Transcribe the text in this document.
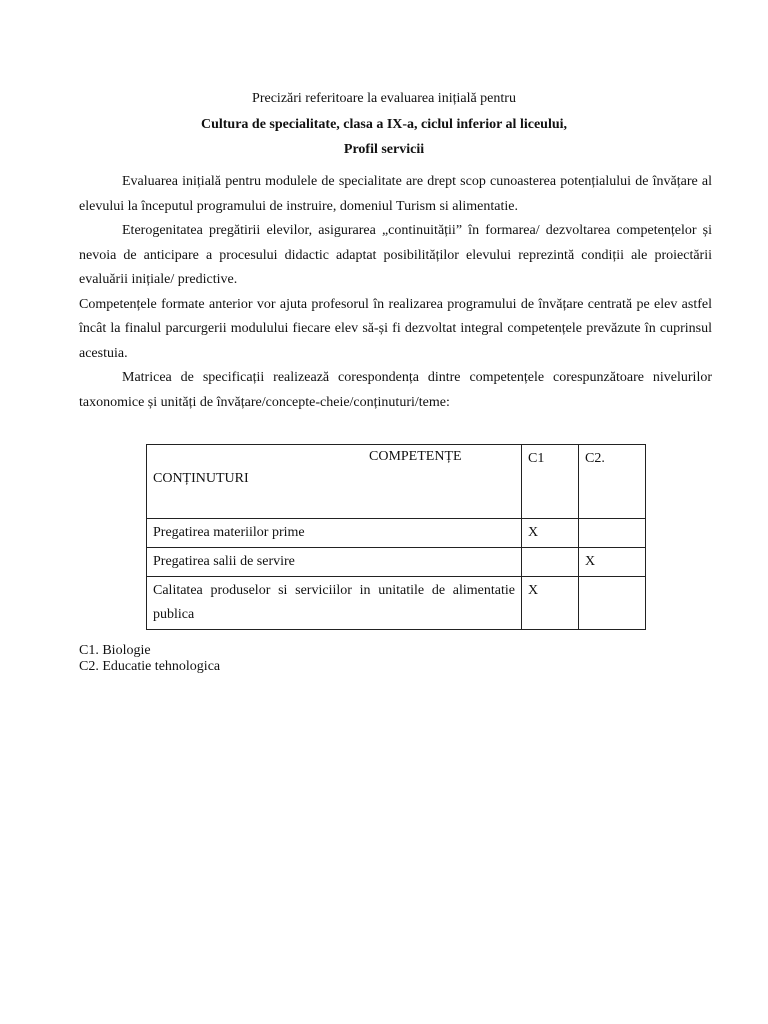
Precizări referitoare la evaluarea inițială pentru

Cultura de specialitate, clasa a IX-a, ciclul inferior al liceului,

Profil servicii

Evaluarea inițială pentru modulele de specialitate are drept scop cunoasterea potențialului de învățare al elevului la începutul programului de instruire, domeniul Turism si alimentatie.

Eterogenitatea pregătirii elevilor, asigurarea „continuității” în formarea/ dezvoltarea competențelor și nevoia de anticipare a procesului didactic adaptat posibilităților elevului reprezintă condiții ale proiectării evaluării inițiale/ predictive.

Competențele formate anterior vor ajuta profesorul în realizarea programului de învățare centrată pe elev astfel încât la finalul parcurgerii modulului fiecare elev să-și fi dezvoltat integral competențele prevăzute în cuprinsul acestuia.

Matricea de specificații realizează corespondența dintre competențele corespunzătoare nivelurilor taxonomice și unități de învățare/concepte-cheie/conținuturi/teme:

COMPETENȚE
CONȚINUTURI	C1	C2.
Pregatirea materiilor prime	X	
Pregatirea salii de servire		X
Calitatea produselor si serviciilor in unitatile de alimentatie publica	X	
C1. Biologie
C2. Educatie tehnologica
